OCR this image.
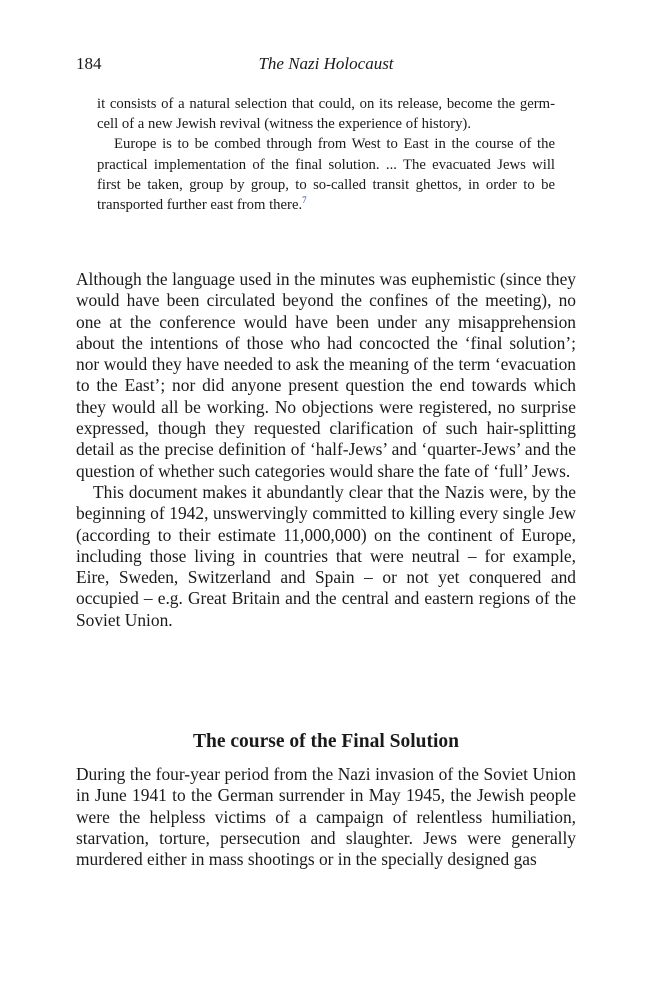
184	The Nazi Holocaust

it consists of a natural selection that could, on its release, become the germ-cell of a new Jewish revival (witness the experience of history).

Europe is to be combed through from West to East in the course of the practical implementation of the final solution. ... The evacuated Jews will first be taken, group by group, to so-called transit ghettos, in order to be transported further east from there.$^7$

Although the language used in the minutes was euphemistic (since they would have been circulated beyond the confines of the meeting), no one at the conference would have been under any misapprehension about the intentions of those who had concocted the ‘final solution’; nor would they have needed to ask the meaning of the term ‘evacuation to the East’; nor did anyone present question the end towards which they would all be working. No objections were registered, no surprise expressed, though they requested clarification of such hair-splitting detail as the precise definition of ‘half-Jews’ and ‘quarter-Jews’ and the question of whether such categories would share the fate of ‘full’ Jews.

This document makes it abundantly clear that the Nazis were, by the beginning of 1942, unswervingly committed to killing every single Jew (according to their estimate 11,000,000) on the continent of Europe, including those living in countries that were neutral – for example, Eire, Sweden, Switzerland and Spain – or not yet conquered and occupied – e.g. Great Britain and the central and eastern regions of the Soviet Union.

The course of the Final Solution

During the four-year period from the Nazi invasion of the Soviet Union in June 1941 to the German surrender in May 1945, the Jewish people were the helpless victims of a campaign of relentless humiliation, starvation, torture, persecution and slaughter. Jews were generally murdered either in mass shootings or in the specially designed gas
